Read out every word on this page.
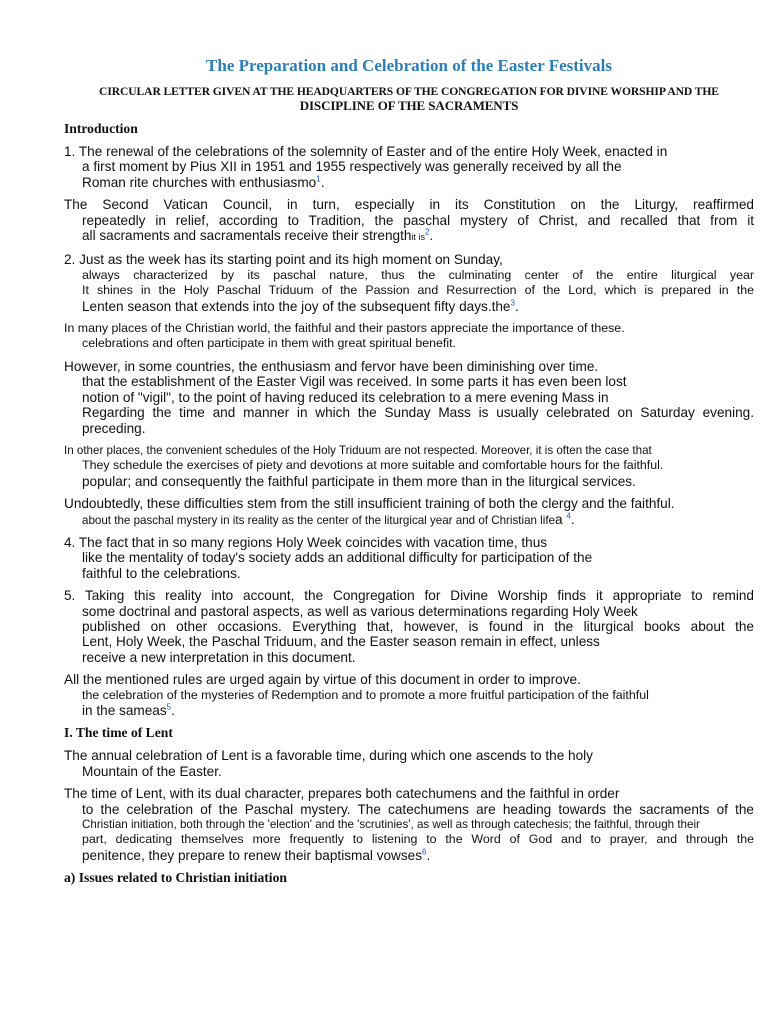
The Preparation and Celebration of the Easter Festivals
CIRCULAR LETTER GIVEN AT THE HEADQUARTERS OF THE CONGREGATION FOR DIVINE WORSHIP AND THE
DISCIPLINE OF THE SACRAMENTS
Introduction
1. The renewal of the celebrations of the solemnity of Easter and of the entire Holy Week, enacted in
a first moment by Pius XII in 1951 and 1955 respectively was generally received by all the
Roman rite churches with enthusiasmo$^1$.
The Second Vatican Council, in turn, especially in its Constitution on the Liturgy, reaffirmed
repeatedly in relief, according to Tradition, the paschal mystery of Christ, and recalled that from it
all sacraments and sacramentals receive their strengthit $is^2$.
2. Just as the week has its starting point and its high moment on Sunday,
always characterized by its paschal nature, thus the culminating center of the entire liturgical year
It shines in the Holy Paschal Triduum of the Passion and Resurrection of the Lord, which is prepared in the
Lenten season that extends into the joy of the subsequent fifty days.the$^3$.
In many places of the Christian world, the faithful and their pastors appreciate the importance of these.
celebrations and often participate in them with great spiritual benefit.
However, in some countries, the enthusiasm and fervor have been diminishing over time.
that the establishment of the Easter Vigil was received. In some parts it has even been lost
notion of "vigil", to the point of having reduced its celebration to a mere evening Mass in
Regarding the time and manner in which the Sunday Mass is usually celebrated on Saturday evening.
preceding.
In other places, the convenient schedules of the Holy Triduum are not respected. Moreover, it is often the case that
They schedule the exercises of piety and devotions at more suitable and comfortable hours for the faithful.
popular; and consequently the faithful participate in them more than in the liturgical services.
Undoubtedly, these difficulties stem from the still insufficient training of both the clergy and the faithful.
about the paschal mystery in its reality as the center of the liturgical year and of Christian lifea $^4$.
4. The fact that in so many regions Holy Week coincides with vacation time, thus
like the mentality of today's society adds an additional difficulty for participation of the
faithful to the celebrations.
5. Taking this reality into account, the Congregation for Divine Worship finds it appropriate to remind
some doctrinal and pastoral aspects, as well as various determinations regarding Holy Week
published on other occasions. Everything that, however, is found in the liturgical books about the
Lent, Holy Week, the Paschal Triduum, and the Easter season remain in effect, unless
receive a new interpretation in this document.
All the mentioned rules are urged again by virtue of this document in order to improve.
the celebration of the mysteries of Redemption and to promote a more fruitful participation of the faithful
in the sameas$^5$.
I. The time of Lent
The annual celebration of Lent is a favorable time, during which one ascends to the holy
Mountain of the Easter.
The time of Lent, with its dual character, prepares both catechumens and the faithful in order
to the celebration of the Paschal mystery. The catechumens are heading towards the sacraments of the
Christian initiation, both through the 'election' and the 'scrutinies', as well as through catechesis; the faithful, through their
part, dedicating themselves more frequently to listening to the Word of God and to prayer, and through the
penitence, they prepare to renew their baptismal vowses$^6$.
a) Issues related to Christian initiation
